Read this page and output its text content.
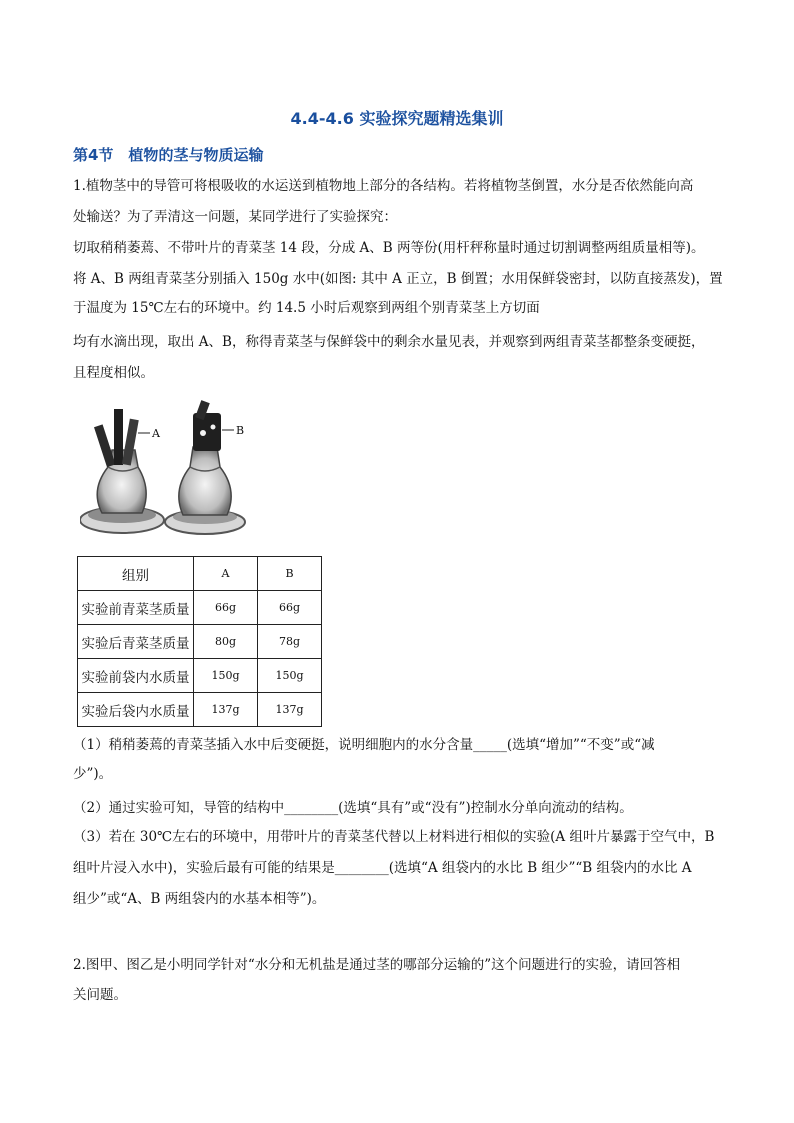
4.4-4.6 实验探究题精选集训
第4节　植物的茎与物质运输

1.植物茎中的导管可将根吸收的水运送到植物地上部分的各结构。若将植物茎倒置，水分是否依然能向高

处输送？为了弄清这一问题，某同学进行了实验探究：

切取稍稍萎蔫、不带叶片的青菜茎 14 段，分成 A、B 两等份(用杆秤称量时通过切割调整两组质量相等)。

将 A、B 两组青菜茎分别插入 150g 水中(如图: 其中 A 正立，B 倒置；水用保鲜袋密封，以防直接蒸发)，置

于温度为 15℃左右的环境中。约 14.5 小时后观察到两组个别青菜茎上方切面

均有水滴出现，取出 A、B，称得青菜茎与保鲜袋中的剩余水量见表，并观察到两组青菜茎都整条变硬挺，

且程度相似。

A	B
组别	A	B
实验前青菜茎质量	66g	66g
实验后青菜茎质量	80g	78g
实验前袋内水质量	150g	150g
实验后袋内水质量	137g	137g

（1）稍稍萎蔫的青菜茎插入水中后变硬挺，说明细胞内的水分含量_____(选填“增加”“不变”或“减

少”)。

（2）通过实验可知，导管的结构中________(选填“具有”或“没有”)控制水分单向流动的结构。

（3）若在 30℃左右的环境中，用带叶片的青菜茎代替以上材料进行相似的实验(A 组叶片暴露于空气中，B

组叶片浸入水中)，实验后最有可能的结果是________(选填“A 组袋内的水比 B 组少”“B 组袋内的水比 A

组少”或“A、B 两组袋内的水基本相等”)。

2.图甲、图乙是小明同学针对“水分和无机盐是通过茎的哪部分运输的”这个问题进行的实验，请回答相

关问题。
